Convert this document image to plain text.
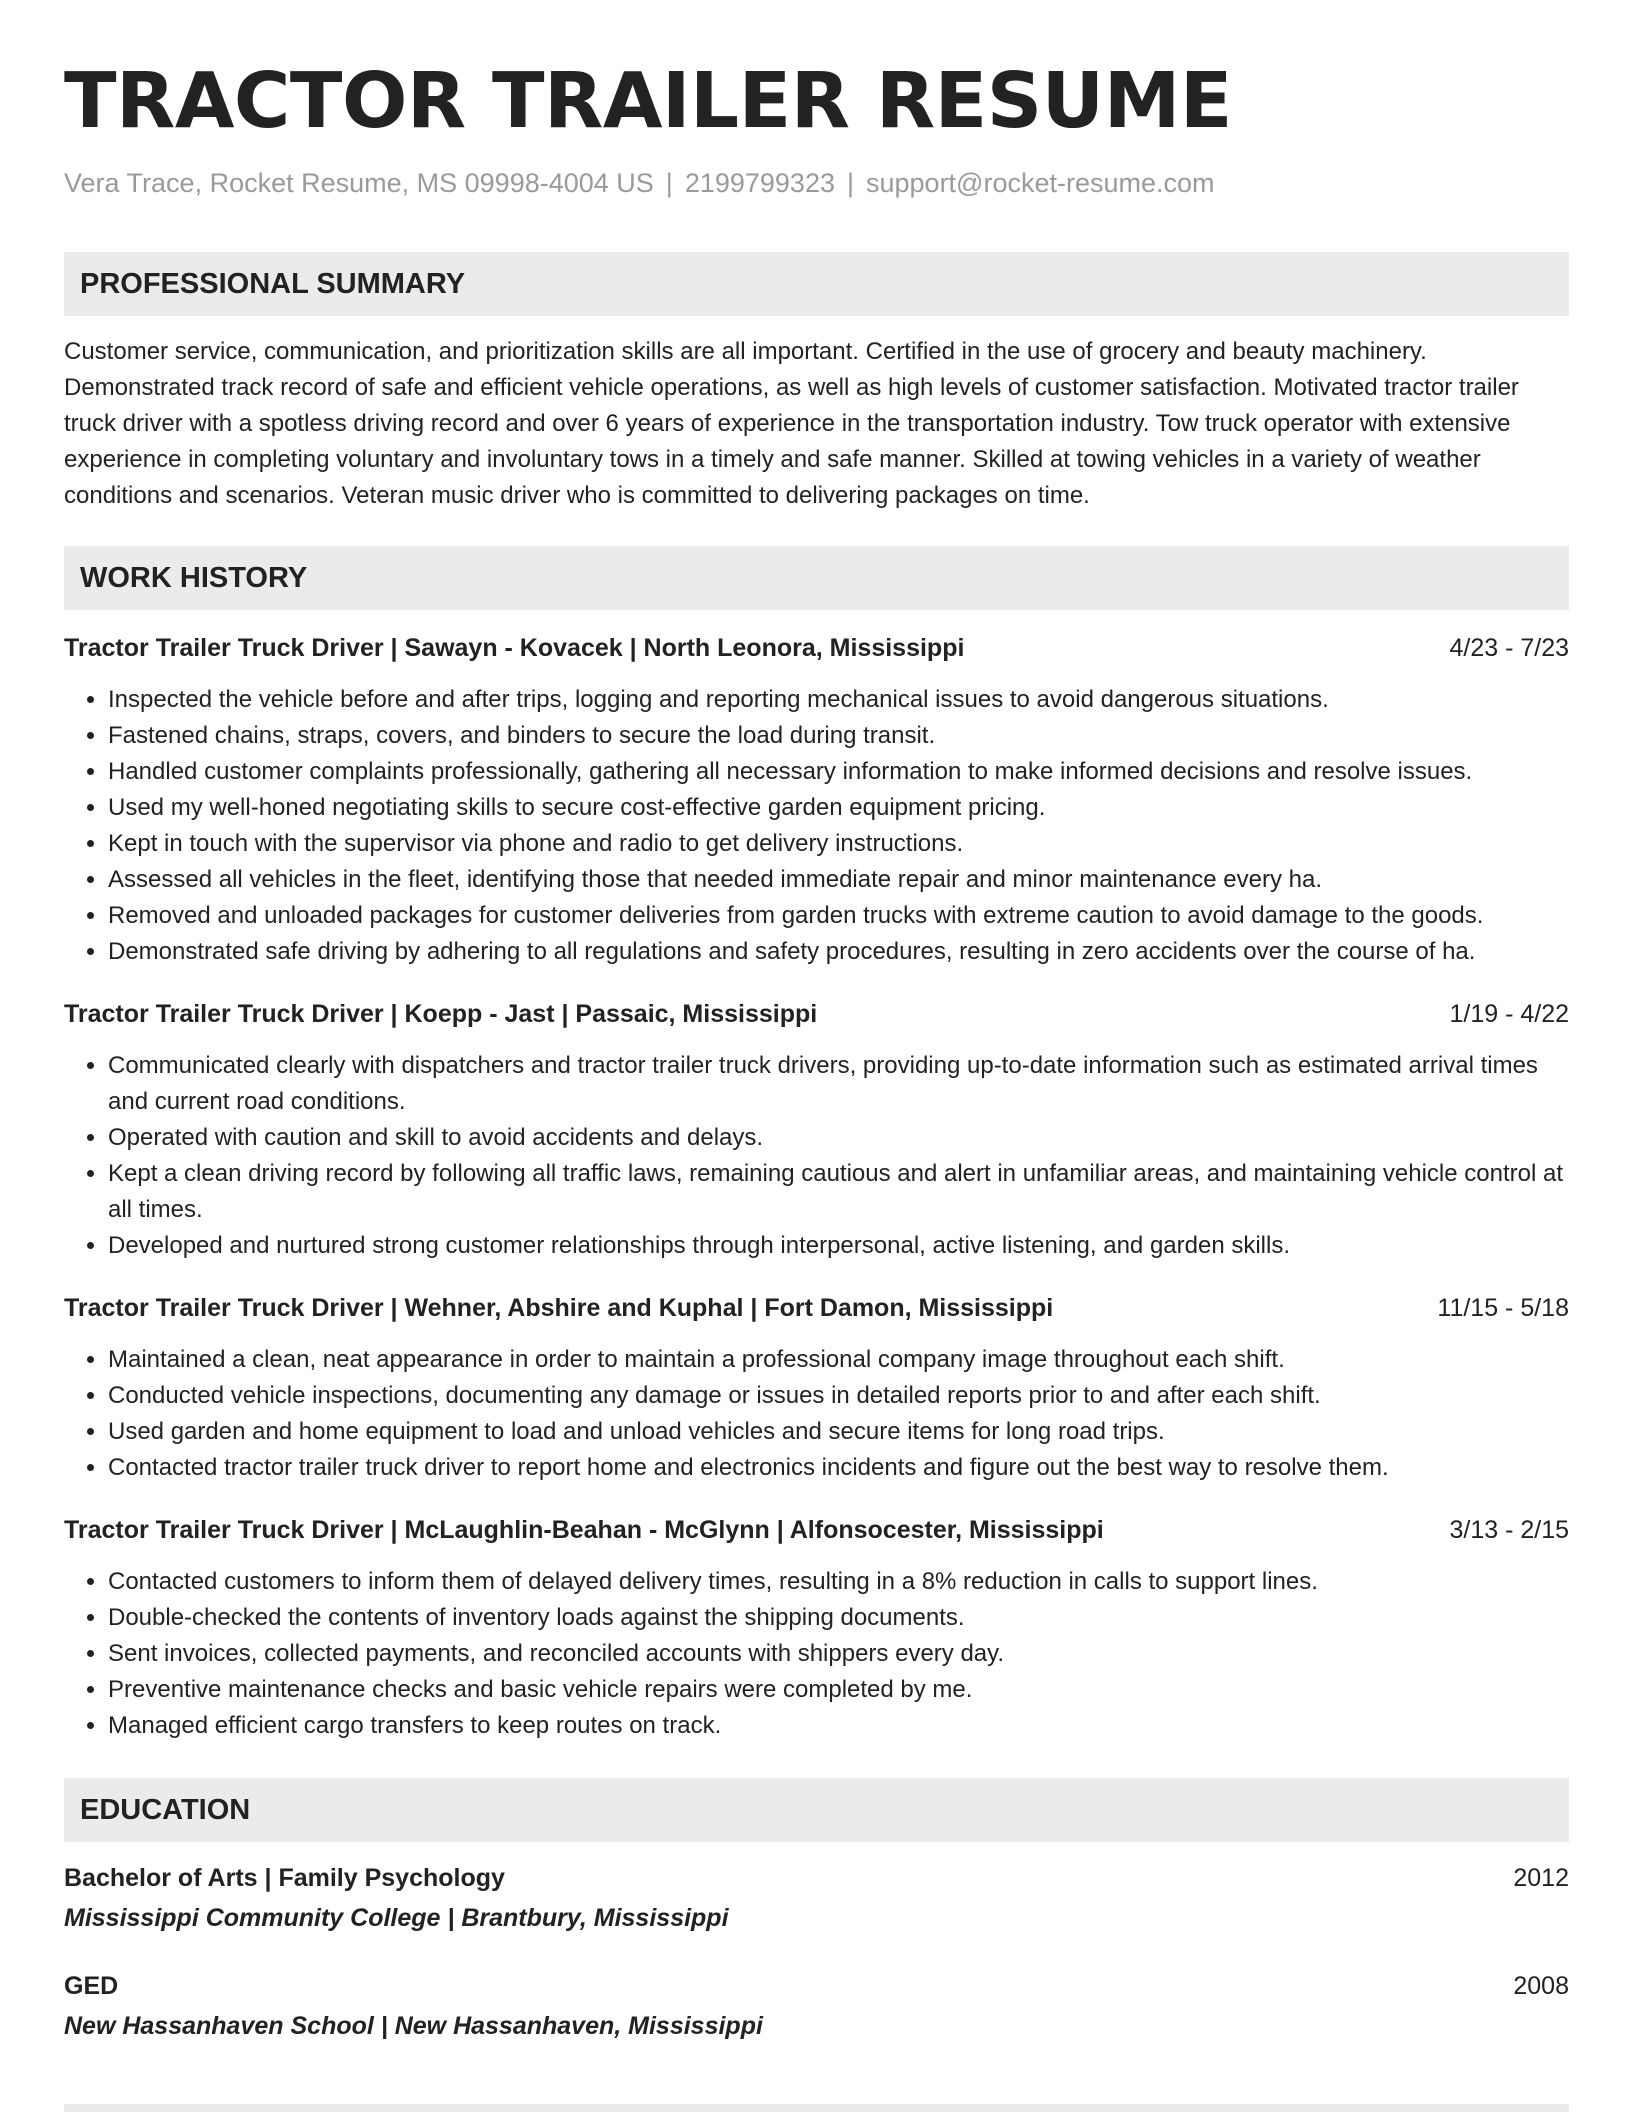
TRACTOR TRAILER RESUME
Vera Trace, Rocket Resume, MS 09998-4004 US | 2199799323 | support@rocket-resume.com
PROFESSIONAL SUMMARY
Customer service, communication, and prioritization skills are all important. Certified in the use of grocery and beauty machinery. Demonstrated track record of safe and efficient vehicle operations, as well as high levels of customer satisfaction. Motivated tractor trailer truck driver with a spotless driving record and over 6 years of experience in the transportation industry. Tow truck operator with extensive experience in completing voluntary and involuntary tows in a timely and safe manner. Skilled at towing vehicles in a variety of weather conditions and scenarios. Veteran music driver who is committed to delivering packages on time.
WORK HISTORY
Tractor Trailer Truck Driver | Sawayn - Kovacek | North Leonora, Mississippi	4/23 - 7/23
• Inspected the vehicle before and after trips, logging and reporting mechanical issues to avoid dangerous situations.
• Fastened chains, straps, covers, and binders to secure the load during transit.
• Handled customer complaints professionally, gathering all necessary information to make informed decisions and resolve issues.
• Used my well-honed negotiating skills to secure cost-effective garden equipment pricing.
• Kept in touch with the supervisor via phone and radio to get delivery instructions.
• Assessed all vehicles in the fleet, identifying those that needed immediate repair and minor maintenance every ha.
• Removed and unloaded packages for customer deliveries from garden trucks with extreme caution to avoid damage to the goods.
• Demonstrated safe driving by adhering to all regulations and safety procedures, resulting in zero accidents over the course of ha.
Tractor Trailer Truck Driver | Koepp - Jast | Passaic, Mississippi	1/19 - 4/22
• Communicated clearly with dispatchers and tractor trailer truck drivers, providing up-to-date information such as estimated arrival times and current road conditions.
• Operated with caution and skill to avoid accidents and delays.
• Kept a clean driving record by following all traffic laws, remaining cautious and alert in unfamiliar areas, and maintaining vehicle control at all times.
• Developed and nurtured strong customer relationships through interpersonal, active listening, and garden skills.
Tractor Trailer Truck Driver | Wehner, Abshire and Kuphal | Fort Damon, Mississippi	11/15 - 5/18
• Maintained a clean, neat appearance in order to maintain a professional company image throughout each shift.
• Conducted vehicle inspections, documenting any damage or issues in detailed reports prior to and after each shift.
• Used garden and home equipment to load and unload vehicles and secure items for long road trips.
• Contacted tractor trailer truck driver to report home and electronics incidents and figure out the best way to resolve them.
Tractor Trailer Truck Driver | McLaughlin-Beahan - McGlynn | Alfonsocester, Mississippi	3/13 - 2/15
• Contacted customers to inform them of delayed delivery times, resulting in a 8% reduction in calls to support lines.
• Double-checked the contents of inventory loads against the shipping documents.
• Sent invoices, collected payments, and reconciled accounts with shippers every day.
• Preventive maintenance checks and basic vehicle repairs were completed by me.
• Managed efficient cargo transfers to keep routes on track.
EDUCATION
Bachelor of Arts | Family Psychology	2012
Mississippi Community College | Brantbury, Mississippi
GED	2008
New Hassanhaven School | New Hassanhaven, Mississippi
